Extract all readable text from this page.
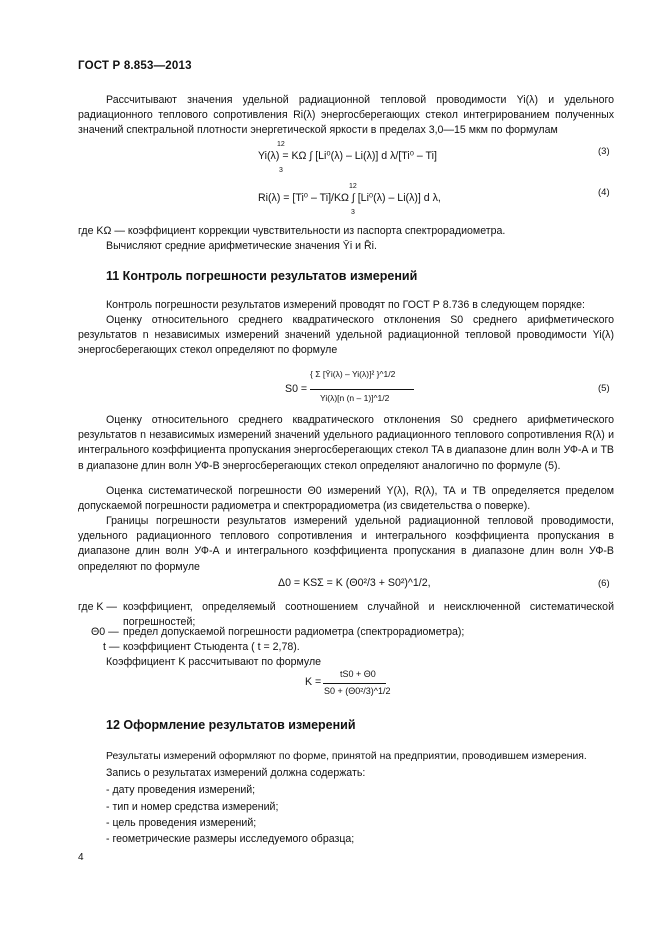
ГОСТ Р 8.853—2013

Рассчитывают значения удельной радиационной тепловой проводимости Yi(λ) и удельного радиационного теплового сопротивления Ri(λ) энергосберегающих стекол интегрированием полученных значений спектральной плотности энергетической яркости в пределах 3,0—15 мкм по формулам

12
3
Yi(λ) = KΩ ∫ [Li⁰(λ) – Li(λ)] d λ/[Ti⁰ – Ti]	(3)
12
3
Ri(λ) = [Ti⁰ – Ti]/KΩ ∫ [Li⁰(λ) – Li(λ)] d λ,	(4)

где KΩ — коэффициент коррекции чувствительности из паспорта спектрорадиометра.

Вычисляют средние арифметические значения Ȳi и R̄i.

11 Контроль погрешности результатов измерений

Контроль погрешности результатов измерений проводят по ГОСТ Р 8.736 в следующем порядке:

Оценку относительного среднего квадратического отклонения S0 среднего арифметического результатов n независимых измерений значений удельной радиационной тепловой проводимости Yi(λ) энергосберегающих стекол определяют по формуле

S0 =
{ Σ [Ȳi(λ) – Yi(λ)]² }^1/2
Yi(λ)[n (n – 1)]^1/2
(5)

Оценку относительного среднего квадратического отклонения S0 среднего арифметического результатов n независимых измерений значений удельного радиационного теплового сопротивления R(λ) и интегрального коэффициента пропускания энергосберегающих стекол TA в диапазоне длин волн УФ-А и TB в диапазоне длин волн УФ-В энергосберегающих стекол определяют аналогично по формуле (5).

Оценка систематической погрешности Θ0 измерений Y(λ), R(λ), TA и TB определяется пределом допускаемой погрешности радиометра и спектрорадиометра (из свидетельства о поверке).

Границы погрешности результатов измерений удельной радиационной тепловой проводимости, удельного радиационного теплового сопротивления и интегрального коэффициента пропускания в диапазоне длин волн УФ-А и интегрального коэффициента пропускания в диапазоне длин волн УФ-В определяют по формуле

Δ0 = KSΣ = K (Θ0²/3 + S0²)^1/2,	(6)
где K — коэффициент, определяемый соотношением случайной и неисключенной систематической погрешностей;

Θ0 — предел допускаемой погрешности радиометра (спектрорадиометра);
t — коэффициент Стьюдента ( t = 2,78).
Коэффициент K рассчитывают по формуле
K =
tS0 + Θ0
S0 + (Θ0²/3)^1/2
12 Оформление результатов измерений
Результаты измерений оформляют по форме, принятой на предприятии, проводившем измерения.
Запись о результатах измерений должна содержать:
- дату проведения измерений;
- тип и номер средства измерений;
- цель проведения измерений;
- геометрические размеры исследуемого образца;
4
